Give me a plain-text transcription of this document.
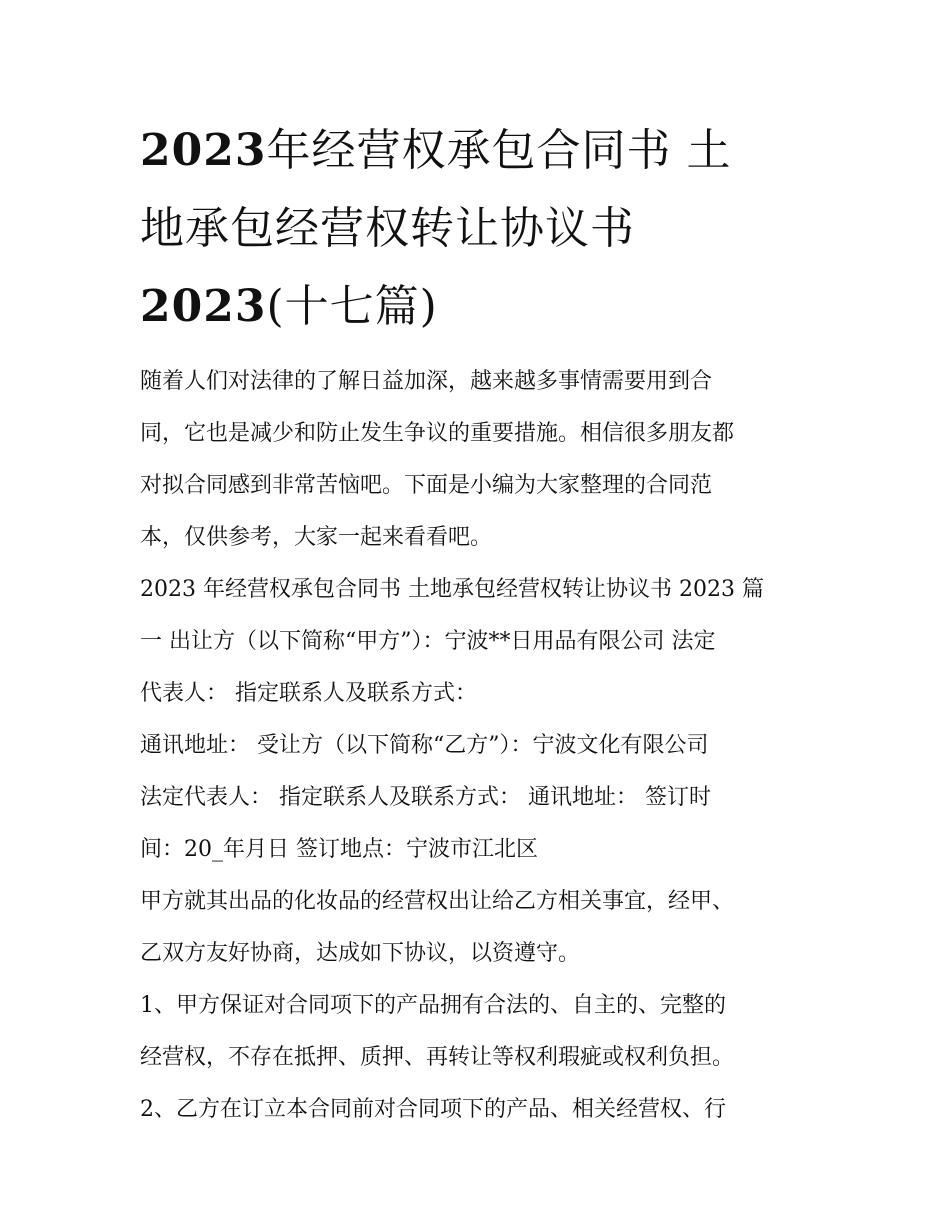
2023年经营权承包合同书 土
地承包经营权转让协议书
2023(十七篇)

随着人们对法律的了解日益加深，越来越多事情需要用到合
同，它也是减少和防止发生争议的重要措施。相信很多朋友都
对拟合同感到非常苦恼吧。下面是小编为大家整理的合同范
本，仅供参考，大家一起来看看吧。

2023 年经营权承包合同书 土地承包经营权转让协议书 2023 篇
一 出让方（以下简称“甲方”）：宁波**日用品有限公司 法定
代表人： 指定联系人及联系方式：

通讯地址： 受让方（以下简称“乙方”）：宁波文化有限公司
法定代表人： 指定联系人及联系方式： 通讯地址： 签订时
间：20_年月日 签订地点：宁波市江北区

甲方就其出品的化妆品的经营权出让给乙方相关事宜，经甲、
乙双方友好协商，达成如下协议，以资遵守。

1、甲方保证对合同项下的产品拥有合法的、自主的、完整的
经营权，不存在抵押、质押、再转让等权利瑕疵或权利负担。

2、乙方在订立本合同前对合同项下的产品、相关经营权、行
